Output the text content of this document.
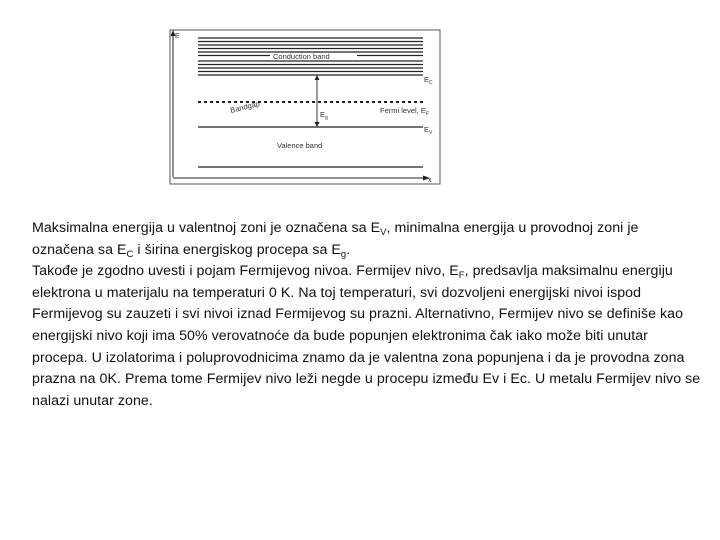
E
x
Conduction band
$E_C$
Bandgap	Fermi level, $E_F$
$E_g$
$E_V$
Valence band

Maksimalna energija u valentnoj zoni je označena sa $E_V$, minimalna energija u provodnoj zoni je označena sa $E_C$ i širina energiskog procepa sa $E_g$.

Takođe je zgodno uvesti i pojam Fermijevog nivoa. Fermijev nivo, $E_F$, predsavlja maksimalnu energiju elektrona u materijalu na temperaturi 0 K. Na toj temperaturi, svi dozvoljeni energijski nivoi ispod Fermijevog su zauzeti i svi nivoi iznad Fermijevog su prazni. Alternativno, Fermijev nivo se definiše kao energijski nivo koji ima 50% verovatnoće da bude popunjen elektronima čak iako može biti unutar procepa. U izolatorima i poluprovodnicima znamo da je valentna zona popunjena i da je provodna zona prazna na 0K. Prema tome Fermijev nivo leži negde u procepu između Ev i Ec. U metalu Fermijev nivo se nalazi unutar zone.
